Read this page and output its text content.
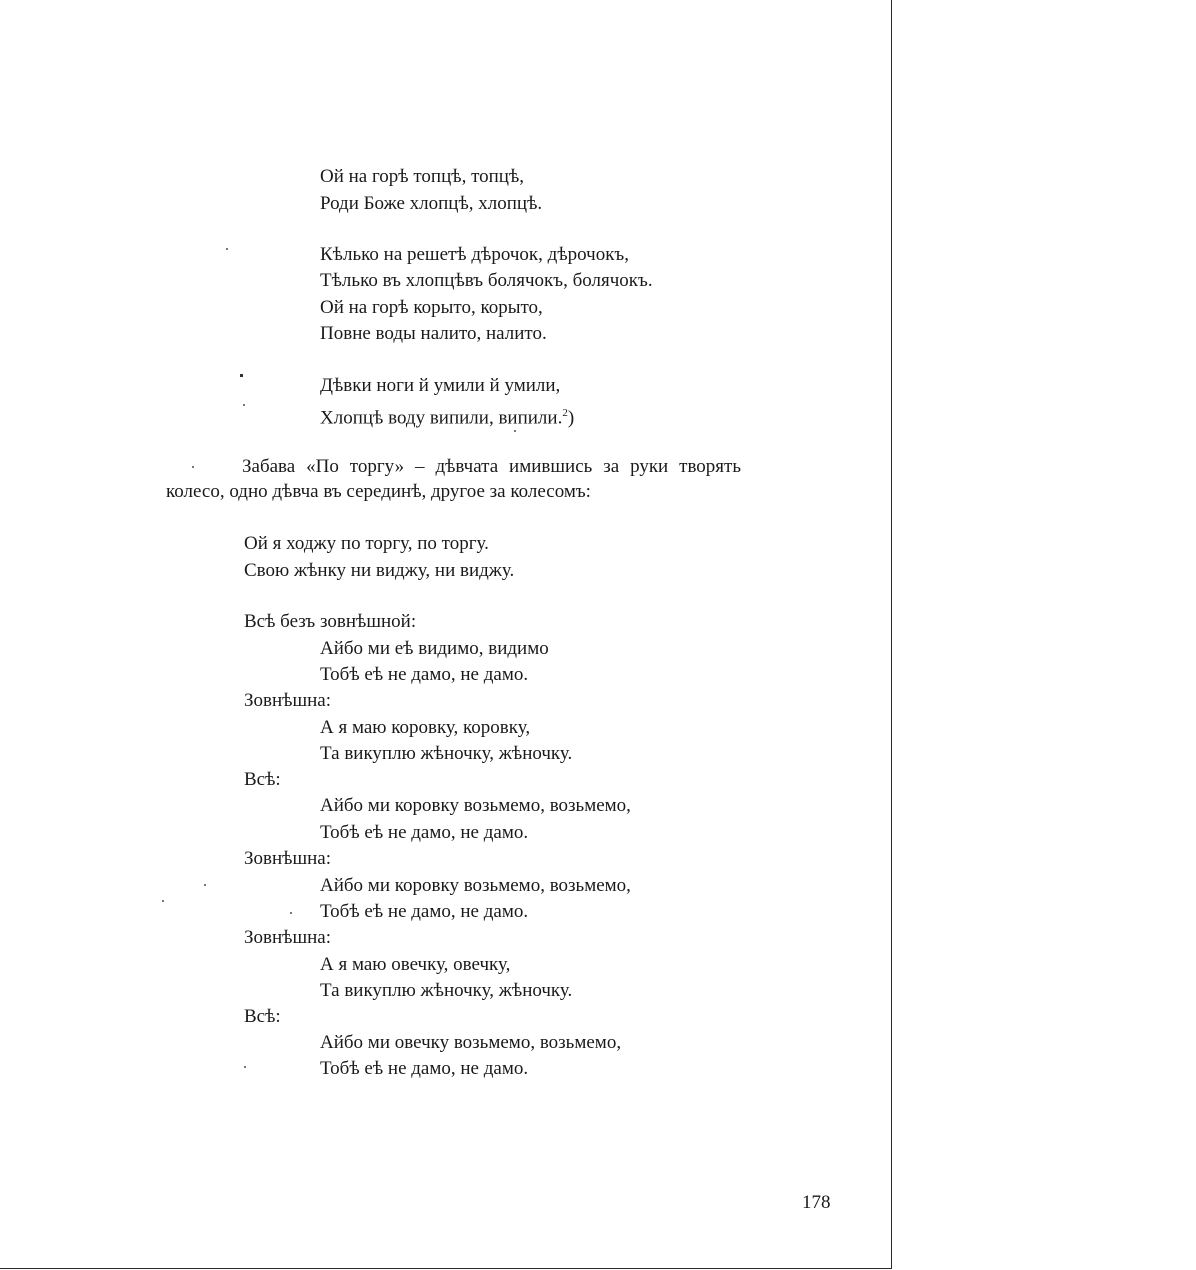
Ой на горѣ топцѣ, топцѣ,
Роди Боже хлопцѣ, хлопцѣ.
Кѣлько на решетѣ дѣрочок, дѣрочокъ,
Тѣлько въ хлопцѣвъ болячокъ, болячокъ.
Ой на горѣ корыто, корыто,
Повне воды налито, налито.
Дѣвки ноги й умили й умили,
Хлопцѣ воду випили, випили.$^2$)
Забава «По торгу» – дѣвчата имившись за руки творять колесо, одно дѣвча въ серединѣ, другое за колесомъ:
Ой я ходжу по торгу, по торгу.
Свою жѣнку ни виджу, ни виджу.
Всѣ безъ зовнѣшной:
Айбо ми еѣ видимо, видимо
Тобѣ еѣ не дамо, не дамо.
Зовнѣшна:
А я маю коровку, коровку,
Та викуплю жѣночку, жѣночку.
Всѣ:
Айбо ми коровку возьмемо, возьмемо,
Тобѣ еѣ не дамо, не дамо.
Зовнѣшна:
Айбо ми коровку возьмемо, возьмемо,
Тобѣ еѣ не дамо, не дамо.
Зовнѣшна:
А я маю овечку, овечку,
Та викуплю жѣночку, жѣночку.
Всѣ:
Айбо ми овечку возьмемо, возьмемо,
Тобѣ еѣ не дамо, не дамо.
178
